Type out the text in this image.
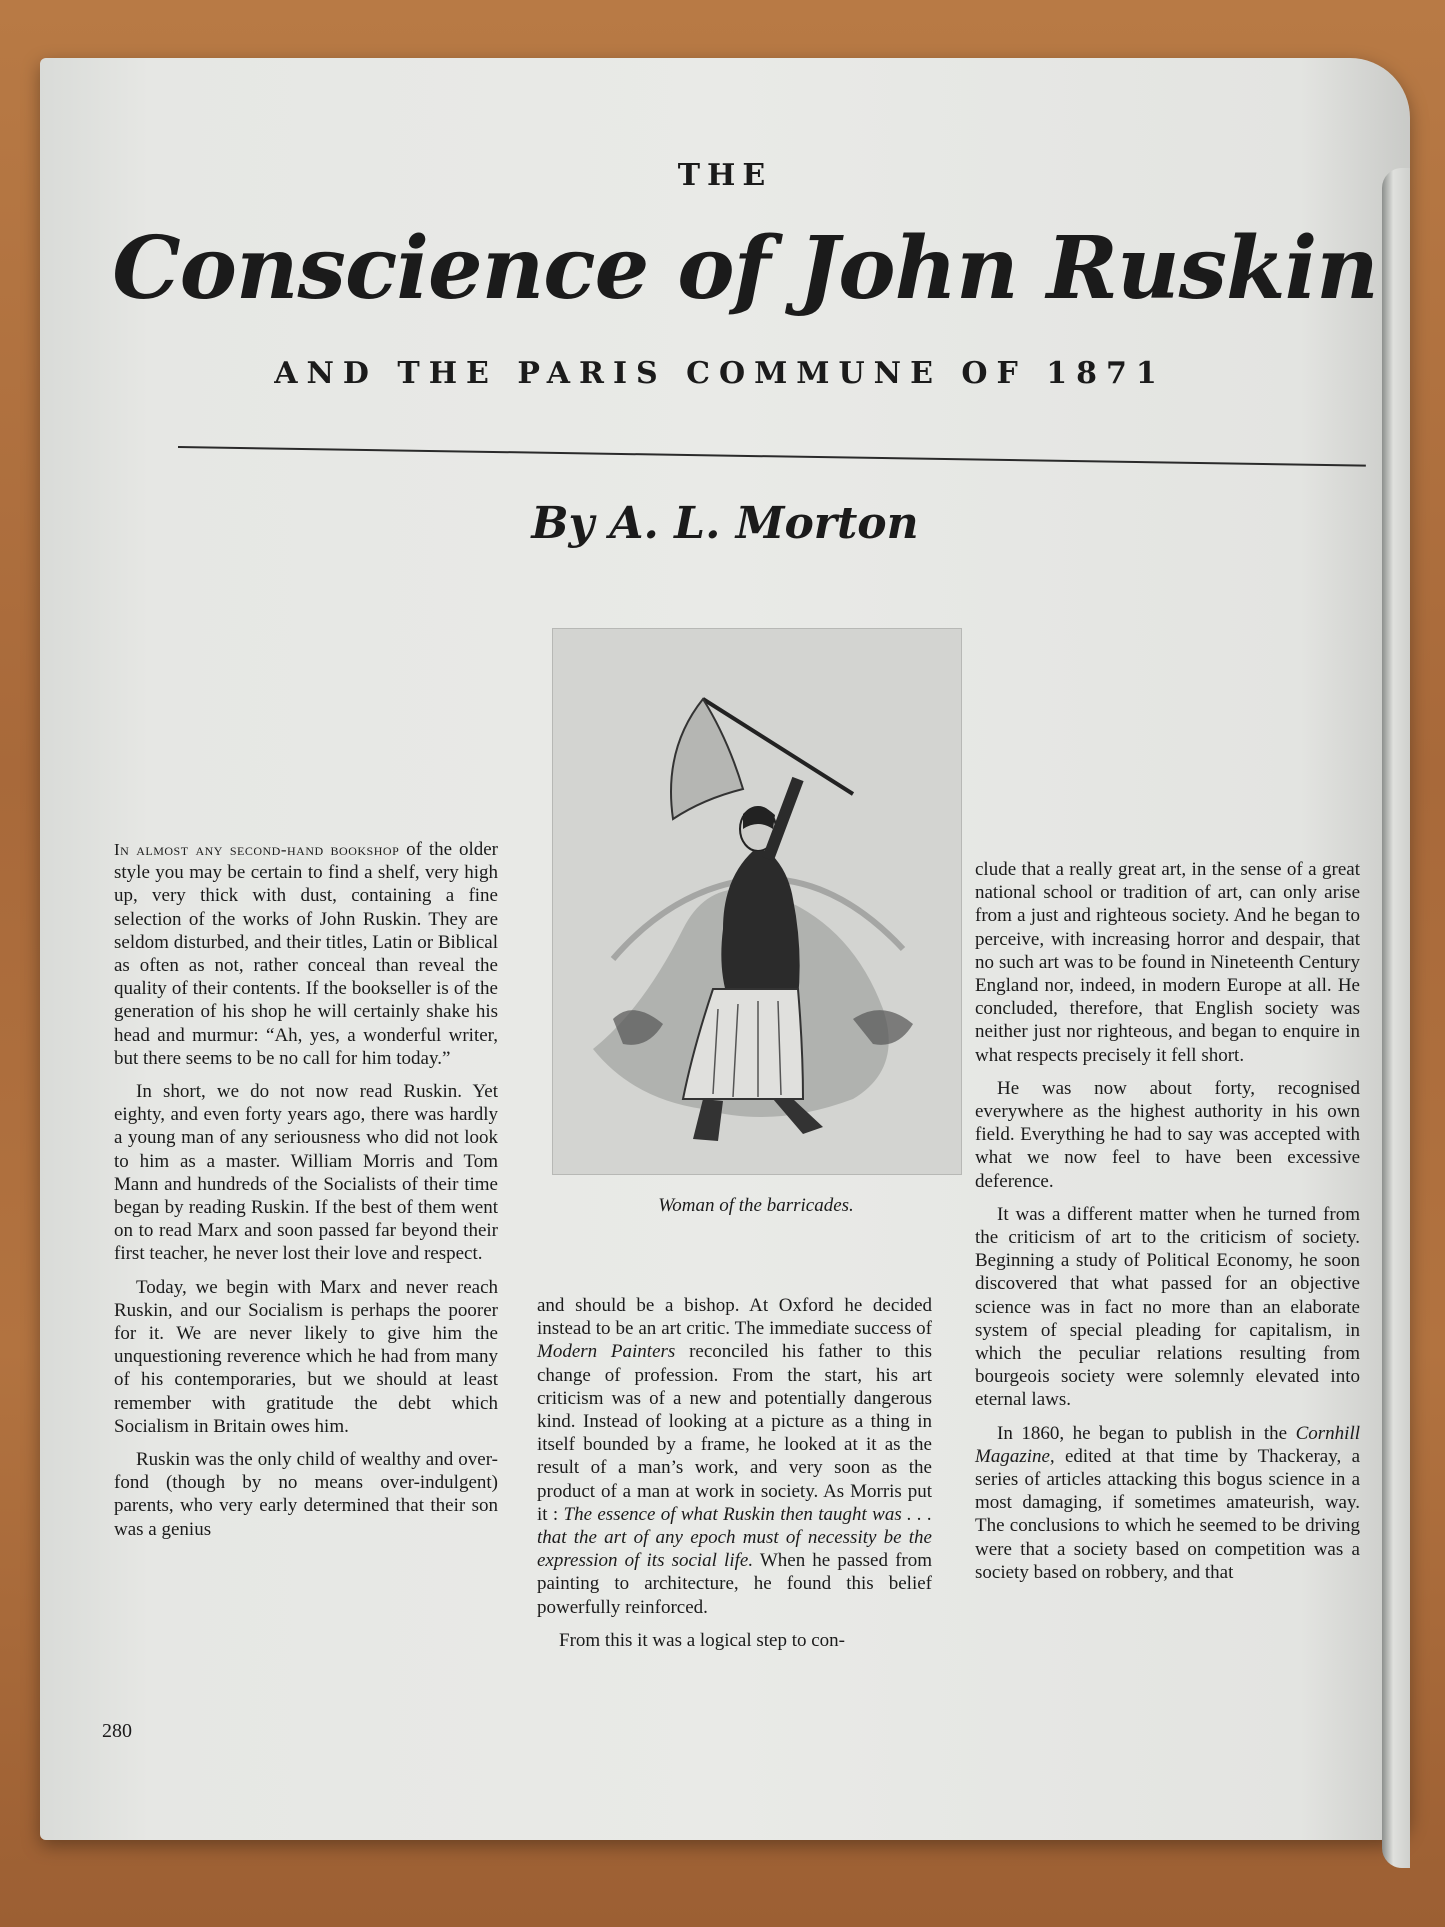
THE
Conscience of John Ruskin
AND THE PARIS COMMUNE OF 1871
By A. L. Morton
Woman of the barricades.

In almost any second-hand bookshop of the older style you may be certain to find a shelf, very high up, very thick with dust, containing a fine selection of the works of John Ruskin. They are seldom disturbed, and their titles, Latin or Biblical as often as not, rather conceal than reveal the quality of their contents. If the bookseller is of the generation of his shop he will certainly shake his head and murmur: “Ah, yes, a wonderful writer, but there seems to be no call for him today.”

In short, we do not now read Ruskin. Yet eighty, and even forty years ago, there was hardly a young man of any seriousness who did not look to him as a master. William Morris and Tom Mann and hundreds of the Socialists of their time began by reading Ruskin. If the best of them went on to read Marx and soon passed far beyond their first teacher, he never lost their love and respect.

Today, we begin with Marx and never reach Ruskin, and our Socialism is perhaps the poorer for it. We are never likely to give him the unquestioning reverence which he had from many of his contemporaries, but we should at least remember with gratitude the debt which Socialism in Britain owes him.

Ruskin was the only child of wealthy and over-fond (though by no means over-indulgent) parents, who very early determined that their son was a genius

and should be a bishop. At Oxford he decided instead to be an art critic. The immediate success of Modern Painters reconciled his father to this change of profession. From the start, his art criticism was of a new and potentially dangerous kind. Instead of looking at a picture as a thing in itself bounded by a frame, he looked at it as the result of a man’s work, and very soon as the product of a man at work in society. As Morris put it : The essence of what Ruskin then taught was . . . that the art of any epoch must of necessity be the expression of its social life. When he passed from painting to architecture, he found this belief powerfully reinforced.

From this it was a logical step to con-

clude that a really great art, in the sense of a great national school or tradition of art, can only arise from a just and righteous society. And he began to perceive, with increasing horror and despair, that no such art was to be found in Nineteenth Century England nor, indeed, in modern Europe at all. He concluded, therefore, that English society was neither just nor righteous, and began to enquire in what respects precisely it fell short.

He was now about forty, recognised everywhere as the highest authority in his own field. Everything he had to say was accepted with what we now feel to have been excessive deference.

It was a different matter when he turned from the criticism of art to the criticism of society. Beginning a study of Political Economy, he soon discovered that what passed for an objective science was in fact no more than an elaborate system of special pleading for capitalism, in which the peculiar relations resulting from bourgeois society were solemnly elevated into eternal laws.

In 1860, he began to publish in the Cornhill Magazine, edited at that time by Thackeray, a series of articles attacking this bogus science in a most damaging, if sometimes amateurish, way. The conclusions to which he seemed to be driving were that a society based on competition was a society based on robbery, and that

280
